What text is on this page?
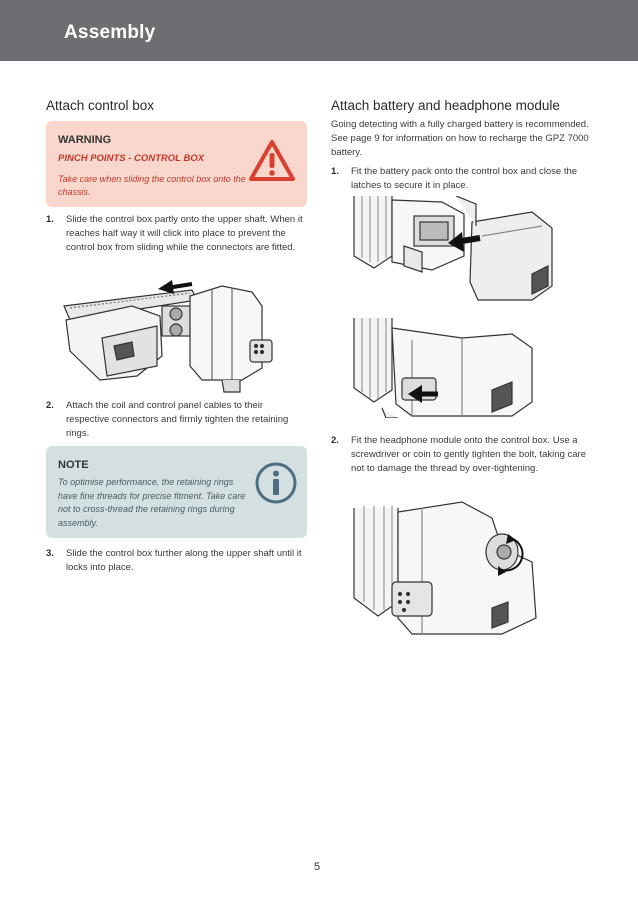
Assembly
Attach control box
WARNING
PINCH POINTS - CONTROL BOX
Take care when sliding the control box onto the chassis.
1. Slide the control box partly onto the upper shaft. When it reaches half way it will click into place to prevent the control box from sliding while the connectors are fitted.
2. Attach the coil and control panel cables to their respective connectors and firmly tighten the retaining rings.
NOTE
To optimise performance, the retaining rings have fine threads for precise fitment. Take care not to cross-thread the retaining rings during assembly.
3. Slide the control box further along the upper shaft until it locks into place.
Attach battery and headphone module
Going detecting with a fully charged battery is recommended. See page 9 for information on how to recharge the GPZ 7000 battery.
1. Fit the battery pack onto the control box and close the latches to secure it in place.
2. Fit the headphone module onto the control box. Use a screwdriver or coin to gently tighten the bolt, taking care not to damage the thread by over-tightening.
5
